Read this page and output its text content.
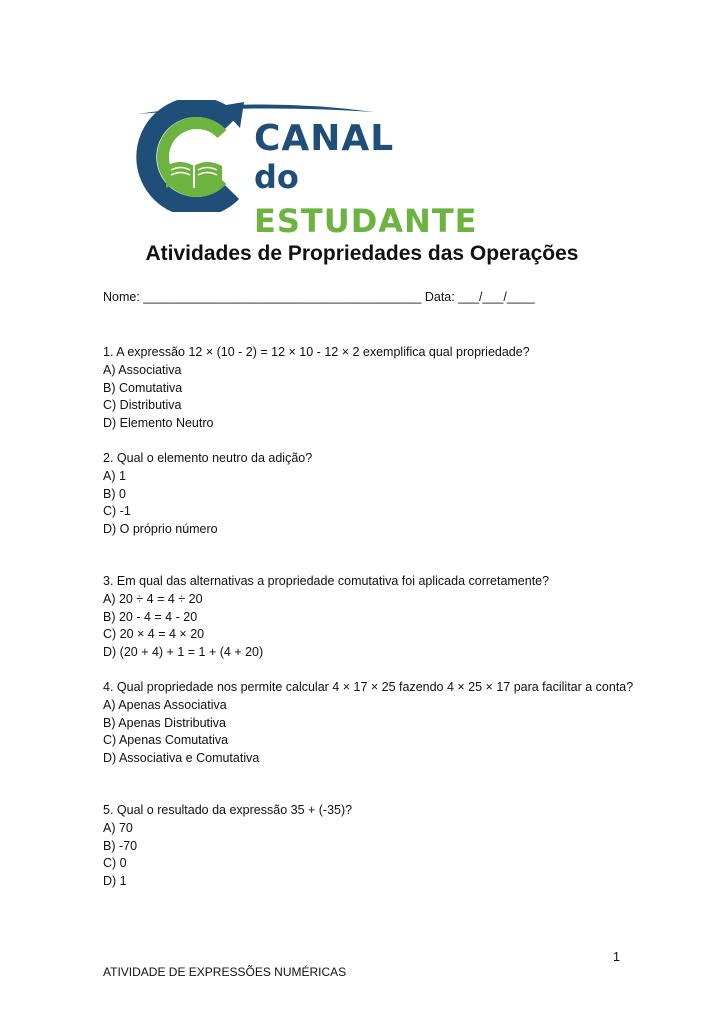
CANAL
do ESTUDANTE
Atividades de Propriedades das Operações
Nome: ________________________________________ Data: ___/___/____
1. A expressão 12 × (10 - 2) = 12 × 10 - 12 × 2 exemplifica qual propriedade?
A) Associativa
B) Comutativa
C) Distributiva
D) Elemento Neutro
2. Qual o elemento neutro da adição?
A) 1
B) 0
C) -1
D) O próprio número
3. Em qual das alternativas a propriedade comutativa foi aplicada corretamente?
A) 20 ÷ 4 = 4 ÷ 20
B) 20 - 4 = 4 - 20
C) 20 × 4 = 4 × 20
D) (20 + 4) + 1 = 1 + (4 + 20)
4. Qual propriedade nos permite calcular 4 × 17 × 25 fazendo 4 × 25 × 17 para facilitar a conta?
A) Apenas Associativa
B) Apenas Distributiva
C) Apenas Comutativa
D) Associativa e Comutativa
5. Qual o resultado da expressão 35 + (-35)?
A) 70
B) -70
C) 0
D) 1
1
ATIVIDADE DE EXPRESSÕES NUMÉRICAS
